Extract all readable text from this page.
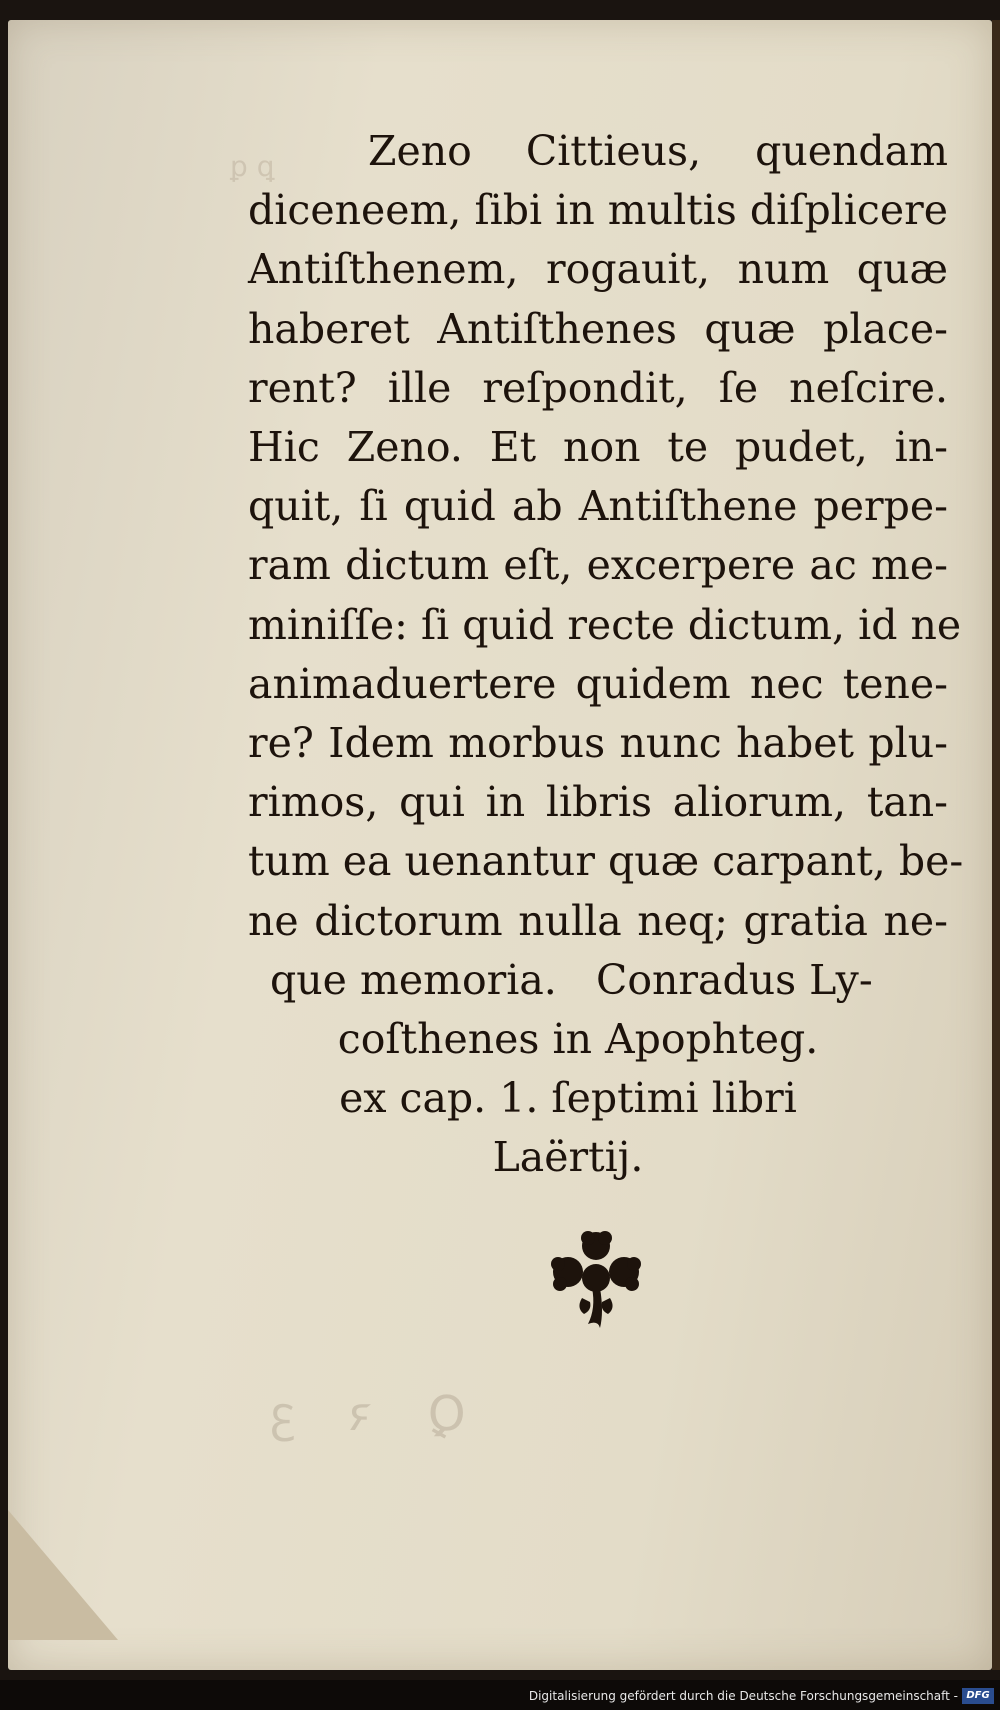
ꝑ ꝗ
Ꝗ ꝛ ꝫ
Zeno Cittieus, quendam
diceneem, ſibi in multis diſplicere
Antiſthenem, rogauit, num quæ
haberet Antiſthenes quæ place-
rent? ille reſpondit, ſe neſcire.
Hic Zeno. Et non te pudet, in-
quit, ſi quid ab Antiſthene perpe-
ram dictum eſt, excerpere ac me-
miniſſe: ſi quid recte dictum, id ne
animaduertere quidem nec tene-
re? Idem morbus nunc habet plu-
rimos, qui in libris aliorum, tan-
tum ea uenantur quæ carpant, be-
ne dictorum nulla neq; gratia ne-
que memoria. Conradus Ly-
coſthenes in Apophteg.
ex cap. 1. ſeptimi libri
Laërtij.
Digitalisierung gefördert durch die Deutsche Forschungsgemeinschaft - DFG
